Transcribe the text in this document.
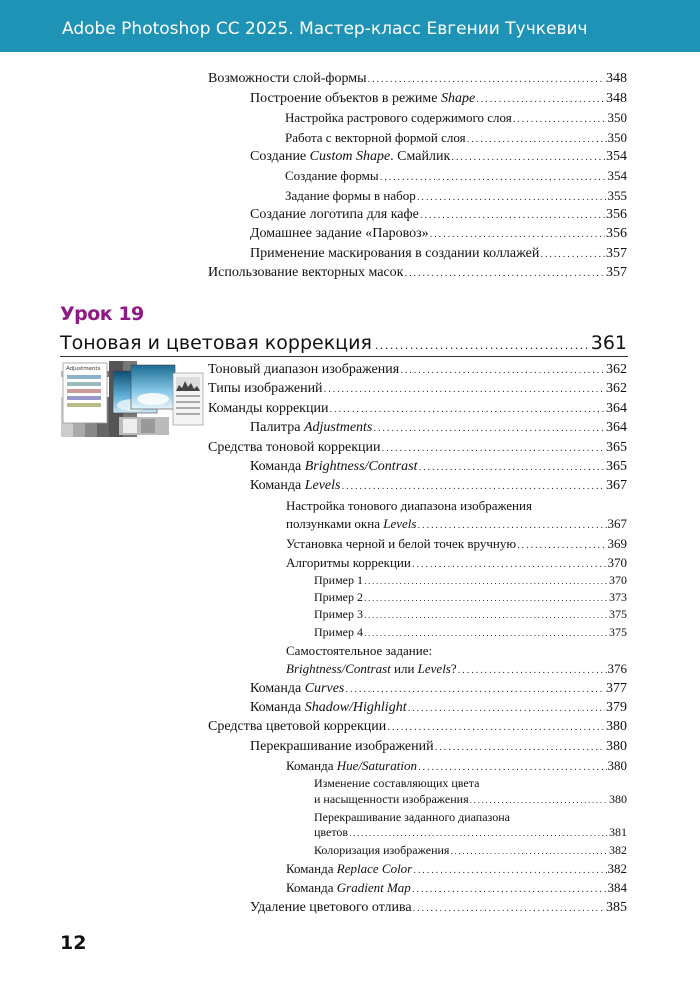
Adobe Photoshop CC 2025. Мастер-класс Евгении Тучкевич
Возможности слой-формы .....	348
Построение объектов в режиме Shape .....	348
Настройка растрового содержимого слоя .....	350
Работа с векторной формой слоя .....	350
Создание Custom Shape. Смайлик .....	354
Создание формы .....	354
Задание формы в набор .....	355
Создание логотипа для кафе .....	356
Домашнее задание «Паровоз» .....	356
Применение маскирования в создании коллажей .....	357
Использование векторных масок .....	357
Урок 19
Тоновая и цветовая коррекция .....	361
Adjustments	Тоновый диапазон изображения .....	362
Типы изображений .....	362
Команды коррекции .....	364
Палитра Adjustments .....	364
Средства тоновой коррекции .....	365
Команда Brightness/Contrast .....	365
Команда Levels .....	367
Настройка тонового диапазона изображения
ползунками окна Levels .....	367
Установка черной и белой точек вручную .....	369
Алгоритмы коррекции .....	370
Пример 1 .....	370
Пример 2 .....	373
Пример 3 .....	375
Пример 4 .....	375
Самостоятельное задание:
Brightness/Contrast или Levels? .....	376
Команда Curves .....	377
Команда Shadow/Highlight .....	379
Средства цветовой коррекции .....	380
Перекрашивание изображений .....	380
Команда Hue/Saturation .....	380
Изменение составляющих цвета
и насыщенности изображения .....	380
Перекрашивание заданного диапазона
цветов .....	381
Колоризация изображения .....	382
Команда Replace Color .....	382
Команда Gradient Map .....	384
Удаление цветового отлива .....	385
12
